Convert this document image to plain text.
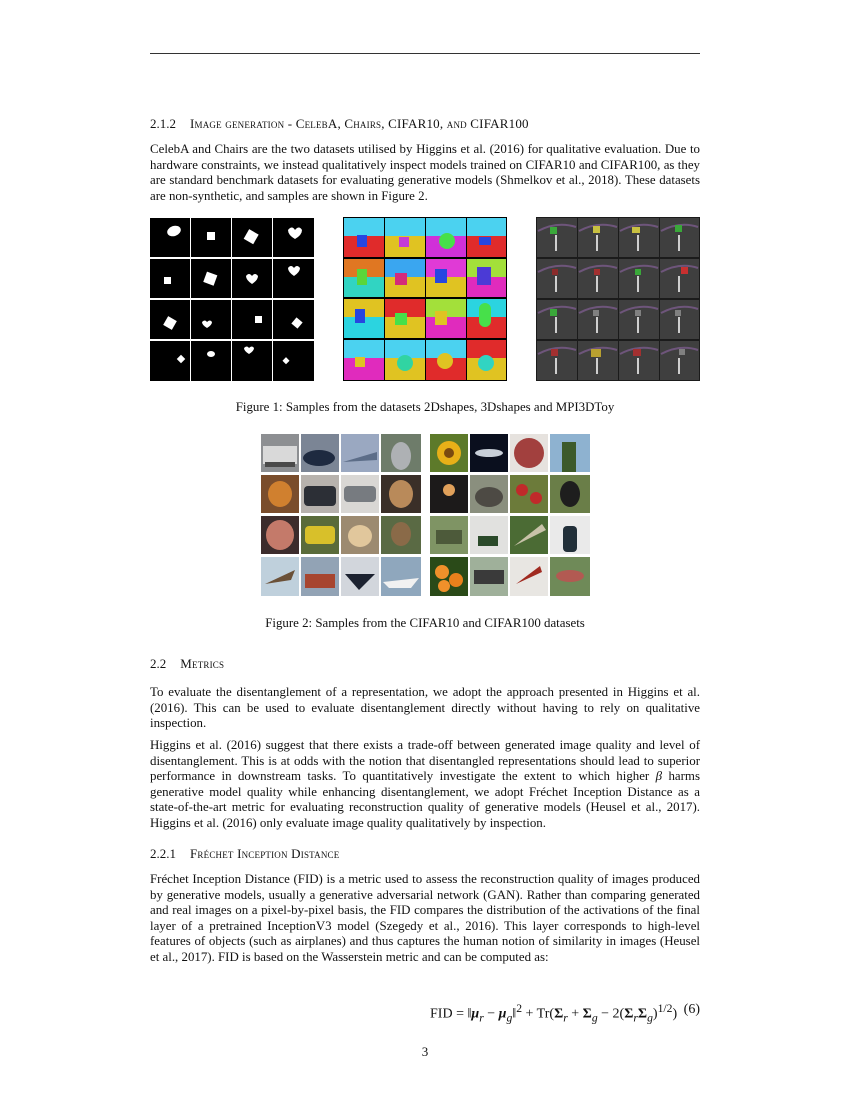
2.1.2 Image generation - CelebA, Chairs, CIFAR10, and CIFAR100

CelebA and Chairs are the two datasets utilised by Higgins et al. (2016) for qualitative evaluation. Due to hardware constraints, we instead qualitatively inspect models trained on CIFAR10 and CIFAR100, as they are standard benchmark datasets for evaluating generative models (Shmelkov et al., 2018). These datasets are non-synthetic, and samples are shown in Figure 2.

Figure 1: Samples from the datasets 2Dshapes, 3Dshapes and MPI3DToy

Figure 2: Samples from the CIFAR10 and CIFAR100 datasets

2.2 Metrics

To evaluate the disentanglement of a representation, we adopt the approach presented in Higgins et al. (2016). This can be used to evaluate disentanglement directly without having to rely on qualitative inspection.

Higgins et al. (2016) suggest that there exists a trade-off between generated image quality and level of disentanglement. This is at odds with the notion that disentangled representations should lead to superior performance in downstream tasks. To quantitatively investigate the extent to which higher β harms generative model quality while enhancing disentanglement, we adopt Fréchet Inception Distance as a state-of-the-art metric for evaluating reconstruction quality of generative models (Heusel et al., 2017). Higgins et al. (2016) only evaluate image quality qualitatively by inspection.

2.2.1 Fréchet Inception Distance

Fréchet Inception Distance (FID) is a metric used to assess the reconstruction quality of images produced by generative models, usually a generative adversarial network (GAN). Rather than comparing generated and real images on a pixel-by-pixel basis, the FID compares the distribution of the activations of the final layer of a pretrained InceptionV3 model (Szegedy et al., 2016). This layer corresponds to high-level features of objects (such as airplanes) and thus captures the human notion of similarity in images (Heusel et al., 2017). FID is based on the Wasserstein metric and can be computed as:

FID = $‖\mu_r$ − $\mu_g‖^2 + Tr(\Sigma_r + \Sigma_g - 2(\Sigma_r\Sigma_g)^{1/2})$ (6)
3
